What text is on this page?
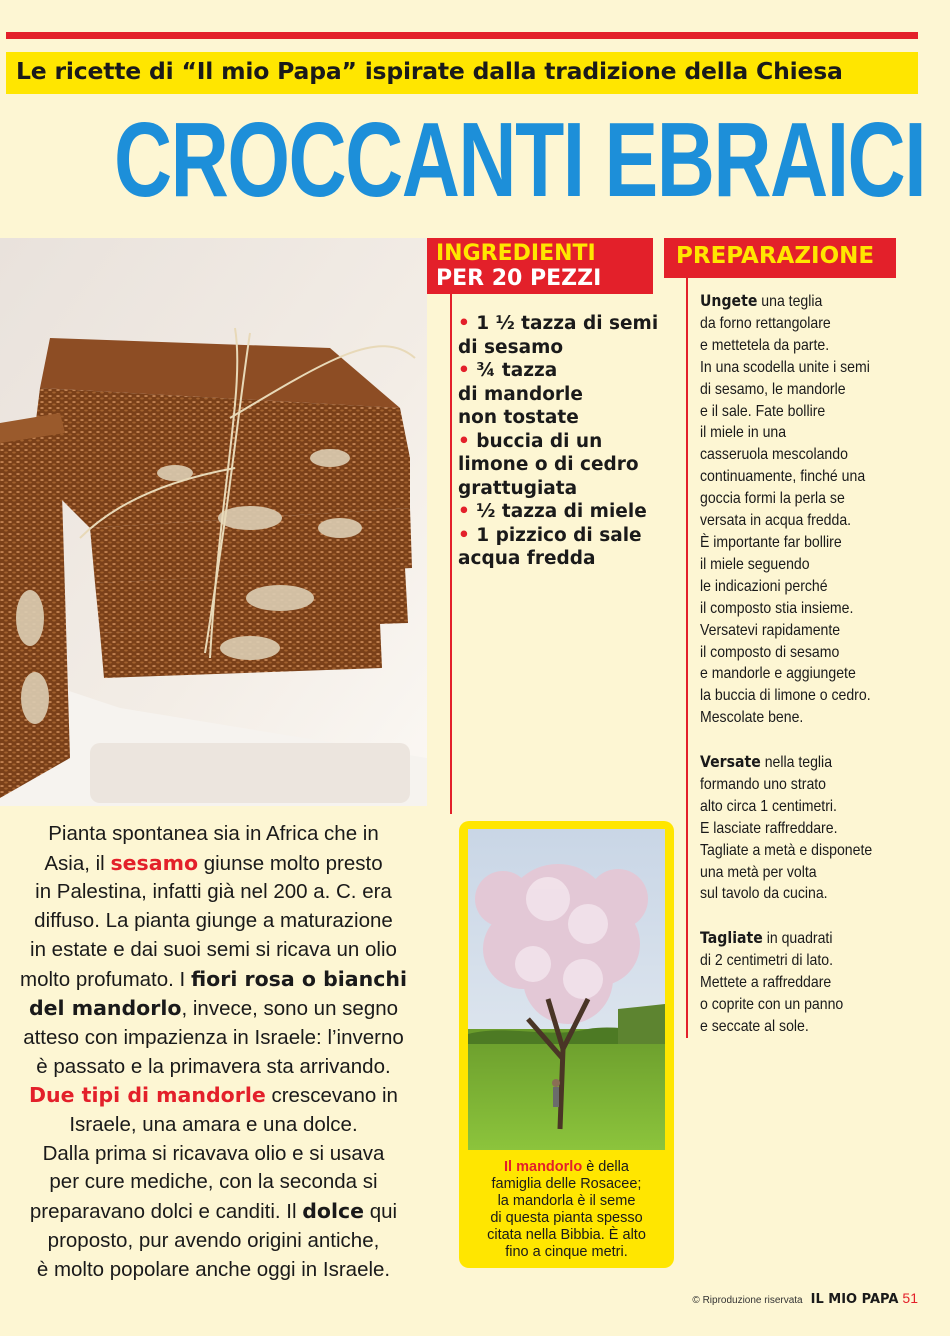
Le ricette di “Il mio Papa” ispirate dalla tradizione della Chiesa
CROCCANTI EBRAICI
INGREDIENTI
PER 20 PEZZI
• 1 ½ tazza di semi
di sesamo
• ¾ tazza
di mandorle
non tostate
• buccia di un
limone o di cedro
grattugiata
• ½ tazza di miele
• 1 pizzico di sale
acqua fredda
PREPARAZIONE
Ungete una teglia
da forno rettangolare
e mettetela da parte.
In una scodella unite i semi
di sesamo, le mandorle
e il sale. Fate bollire
il miele in una
casseruola mescolando
continuamente, finché una
goccia formi la perla se
versata in acqua fredda.
È importante far bollire
il miele seguendo
le indicazioni perché
il composto stia insieme.
Versatevi rapidamente
il composto di sesamo
e mandorle e aggiungete
la buccia di limone o cedro.
Mescolate bene.
Versate nella teglia
formando uno strato
alto circa 1 centimetri.
E lasciate raffreddare.
Tagliate a metà e disponete
una metà per volta
sul tavolo da cucina.
Tagliate in quadrati
di 2 centimetri di lato.
Mettete a raffreddare
o coprite con un panno
e seccate al sole.
Pianta spontanea sia in Africa che in
Asia, il sesamo giunse molto presto
in Palestina, infatti già nel 200 a. C. era
diffuso. La pianta giunge a maturazione
in estate e dai suoi semi si ricava un olio
molto profumato. I fiori rosa o bianchi
del mandorlo, invece, sono un segno
atteso con impazienza in Israele: l’inverno
è passato e la primavera sta arrivando.
Due tipi di mandorle crescevano in
Israele, una amara e una dolce.
Dalla prima si ricavava olio e si usava
per cure mediche, con la seconda si
preparavano dolci e canditi. Il dolce qui
proposto, pur avendo origini antiche,
è molto popolare anche oggi in Israele.
Il mandorlo è della
famiglia delle Rosacee;
la mandorla è il seme
di questa pianta spesso
citata nella Bibbia. È alto
fino a cinque metri.
© Riproduzione riservata IL MIO PAPA 51
